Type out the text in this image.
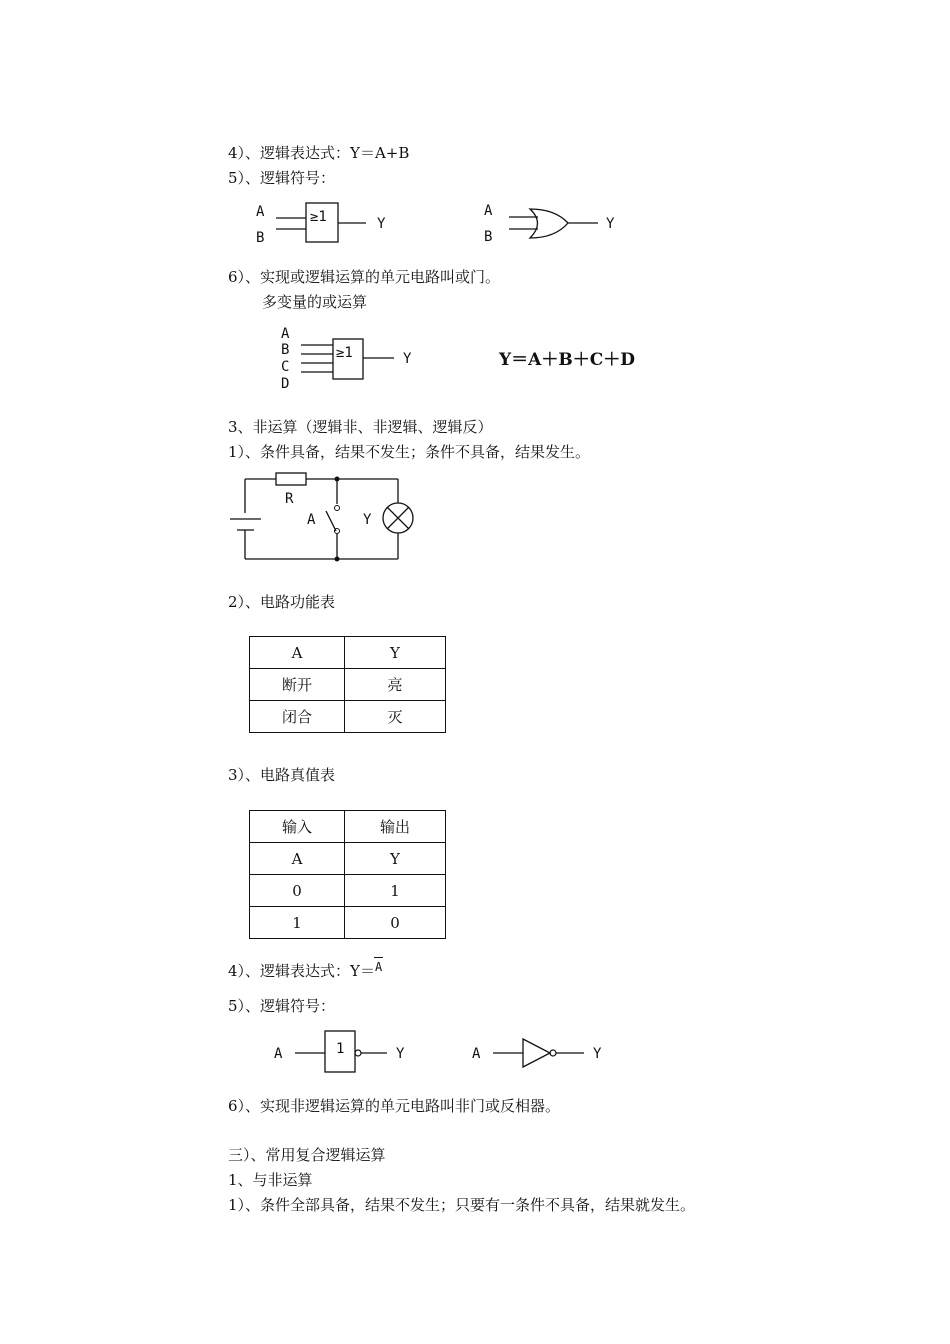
4）、逻辑表达式：Y＝A+B
5）、逻辑符号：
A
B
≥1	Y
A
B
Y
6）、实现或逻辑运算的单元电路叫或门。
多变量的或运算
A
B
C
D
≥1	Y	Y＝A＋B＋C＋D
3、非运算（逻辑非、非逻辑、逻辑反）
1）、条件具备，结果不发生；条件不具备，结果发生。
R
A	Y
2）、电路功能表
A	Y
断开	亮
闭合	灭
3）、电路真值表
输入	输出
A	Y
0	1
1	0
4）、逻辑表达式：Y＝A
5）、逻辑符号：
A	1	Y	A	Y
6）、实现非逻辑运算的单元电路叫非门或反相器。
三）、常用复合逻辑运算
1、与非运算
1）、条件全部具备，结果不发生；只要有一条件不具备，结果就发生。
